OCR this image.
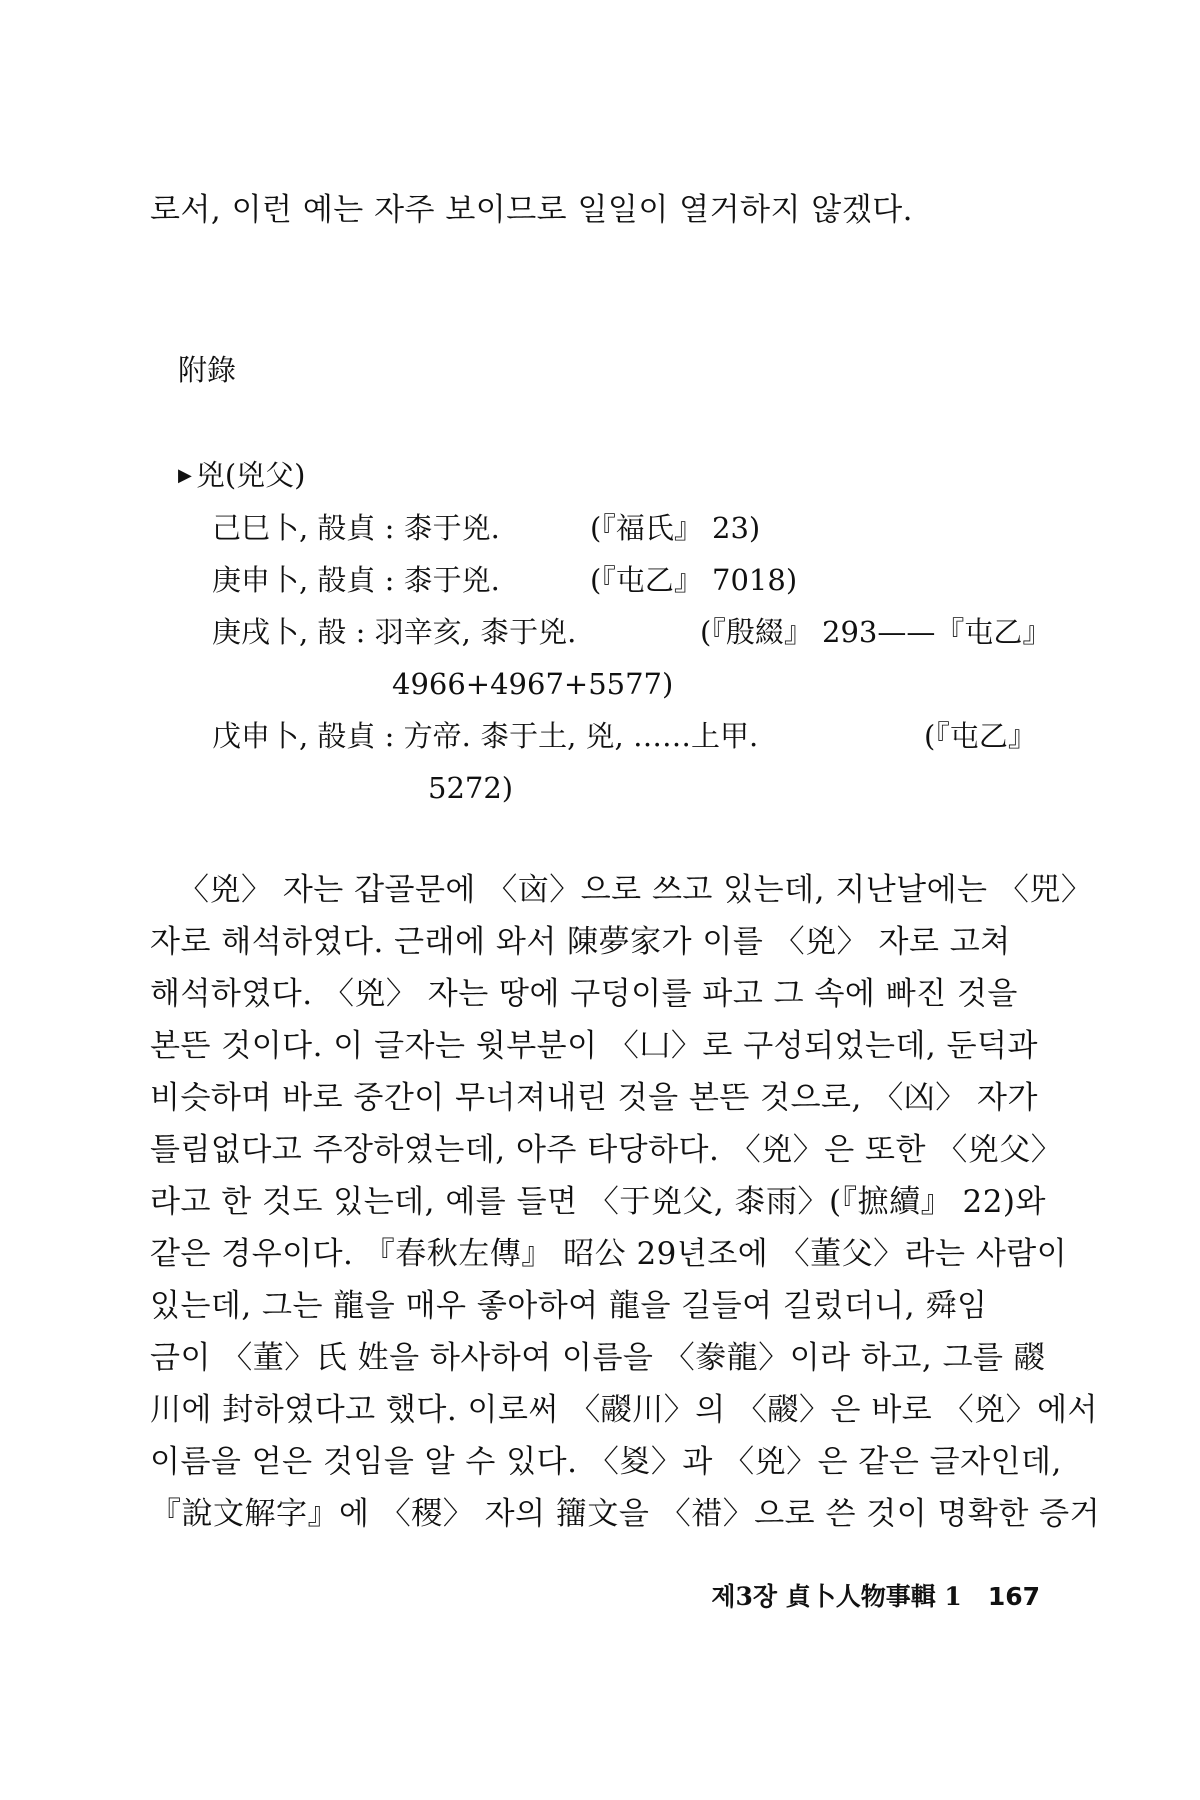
로서, 이런 예는 자주 보이므로 일일이 열거하지 않겠다.
附錄
▶ 兇(兇父)
己巳卜, 㱿貞 : 桼于兇.	(『福氏』 23)
庚申卜, 㱿貞 : 桼于兇.	(『屯乙』 7018)
庚戌卜, 㱿 : 羽辛亥, 桼于兇.	(『殷綴』 293——『屯乙』
4966+4967+5577)
戊申卜, 㱿貞 : 方帝. 桼于土, 兇, ……上甲.	(『屯乙』
5272)
〈兇〉 자는 갑골문에 〈㐫〉으로 쓰고 있는데, 지난날에는 〈兕〉
자로 해석하였다. 근래에 와서 陳夢家가 이를 〈兇〉 자로 고쳐
해석하였다. 〈兇〉 자는 땅에 구덩이를 파고 그 속에 빠진 것을
본뜬 것이다. 이 글자는 윗부분이 〈凵〉로 구성되었는데, 둔덕과
비슷하며 바로 중간이 무너져내린 것을 본뜬 것으로, 〈凶〉 자가
틀림없다고 주장하였는데, 아주 타당하다. 〈兇〉은 또한 〈兇父〉
라고 한 것도 있는데, 예를 들면 〈于兇父, 桼雨〉(『摭續』 22)와
같은 경우이다. 『春秋左傳』 昭公 29년조에 〈董父〉라는 사람이
있는데, 그는 龍을 매우 좋아하여 龍을 길들여 길렀더니, 舜임
금이 〈董〉氏 姓을 하사하여 이름을 〈豢龍〉이라 하고, 그를 鬷
川에 封하였다고 했다. 이로써 〈鬷川〉의 〈鬷〉은 바로 〈兇〉에서
이름을 얻은 것임을 알 수 있다. 〈㚇〉과 〈兇〉은 같은 글자인데,
『說文解字』에 〈稷〉 자의 籒文을 〈䄍〉으로 쓴 것이 명확한 증거
제3장 貞卜人物事輯 1 167
